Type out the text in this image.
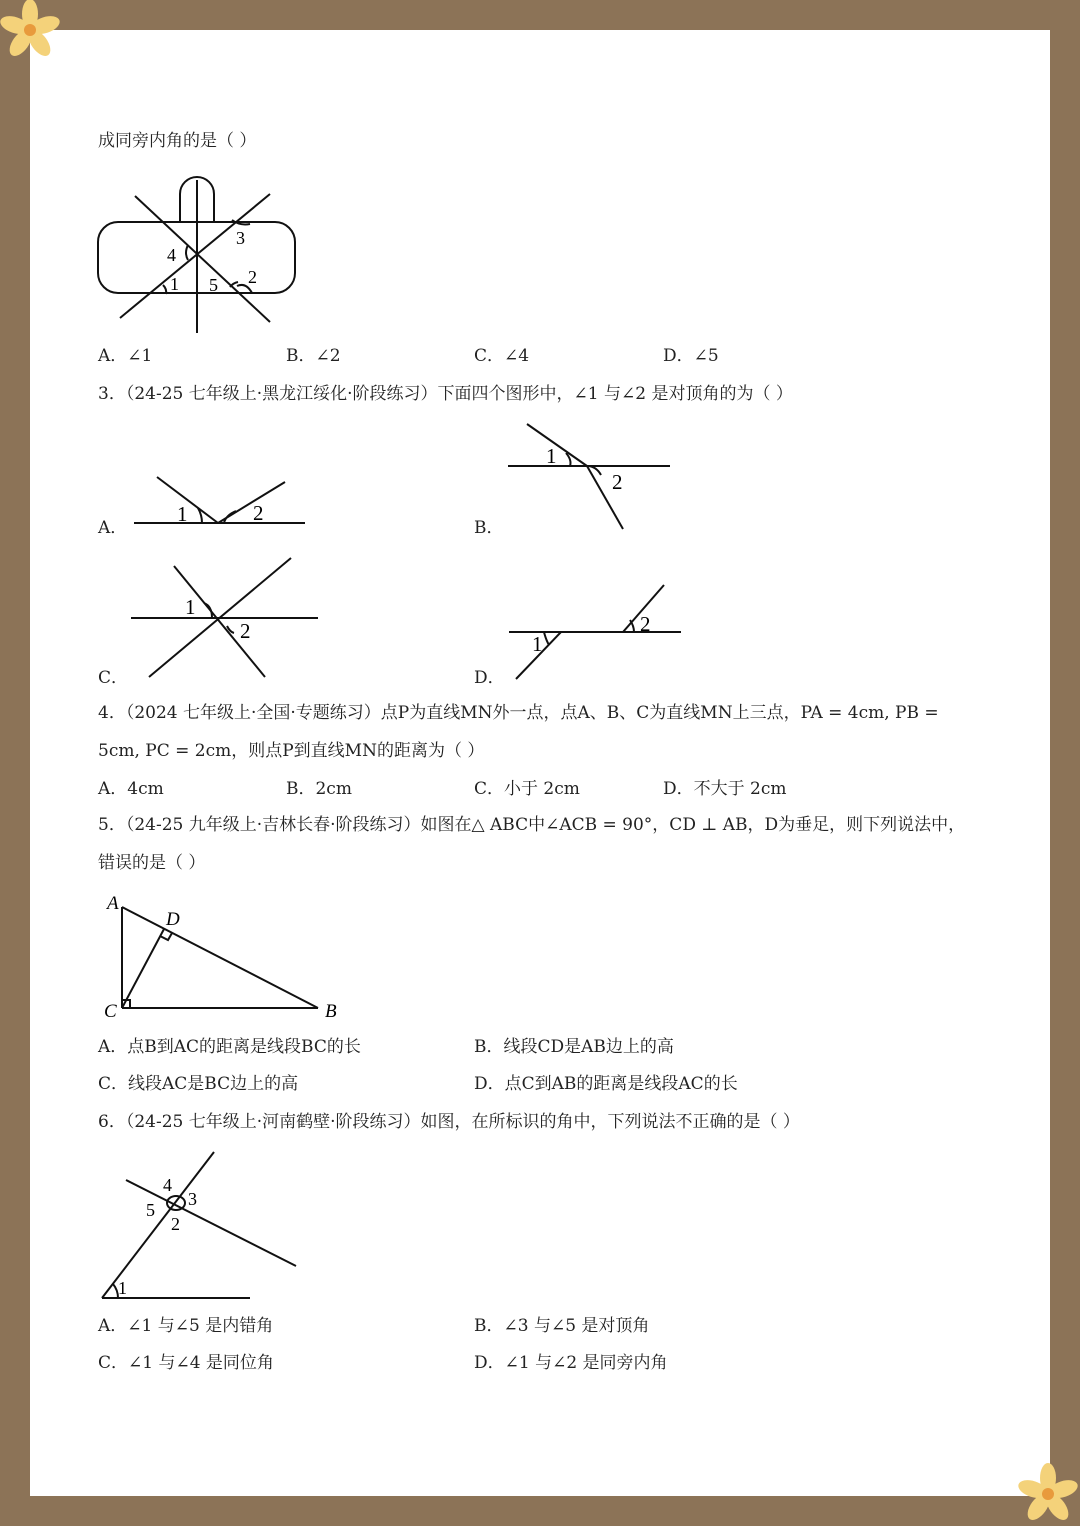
成同旁内角的是（ ）
3
4
1 5 2
A．∠1	B．∠2	C．∠4	D．∠5
3．（24-25 七年级上·黑龙江绥化·阶段练习）下面四个图形中，∠1 与∠2 是对顶角的为（ ）
A．
1	2
B．
1
2
C．
1
2
D．
1
2
4．（2024 七年级上·全国·专题练习）点P为直线MN外一点，点A、B、C为直线MN上三点，PA = 4cm, PB =
5cm, PC = 2cm，则点P到直线MN的距离为（ ）
A．4cm	B．2cm	C．小于 2cm	D．不大于 2cm
5．（24-25 九年级上·吉林长春·阶段练习）如图在△ ABC中∠ACB = 90°，CD ⊥ AB，D为垂足，则下列说法中，
错误的是（ ）
A
D
C	B
A．点B到AC的距离是线段BC的长	B．线段CD是AB边上的高
C．线段AC是BC边上的高	D．点C到AB的距离是线段AC的长
6．（24-25 七年级上·河南鹤壁·阶段练习）如图，在所标识的角中，下列说法不正确的是（ ）
4
3
5
2
1
A．∠1 与∠5 是内错角	B．∠3 与∠5 是对顶角
C．∠1 与∠4 是同位角	D．∠1 与∠2 是同旁内角
